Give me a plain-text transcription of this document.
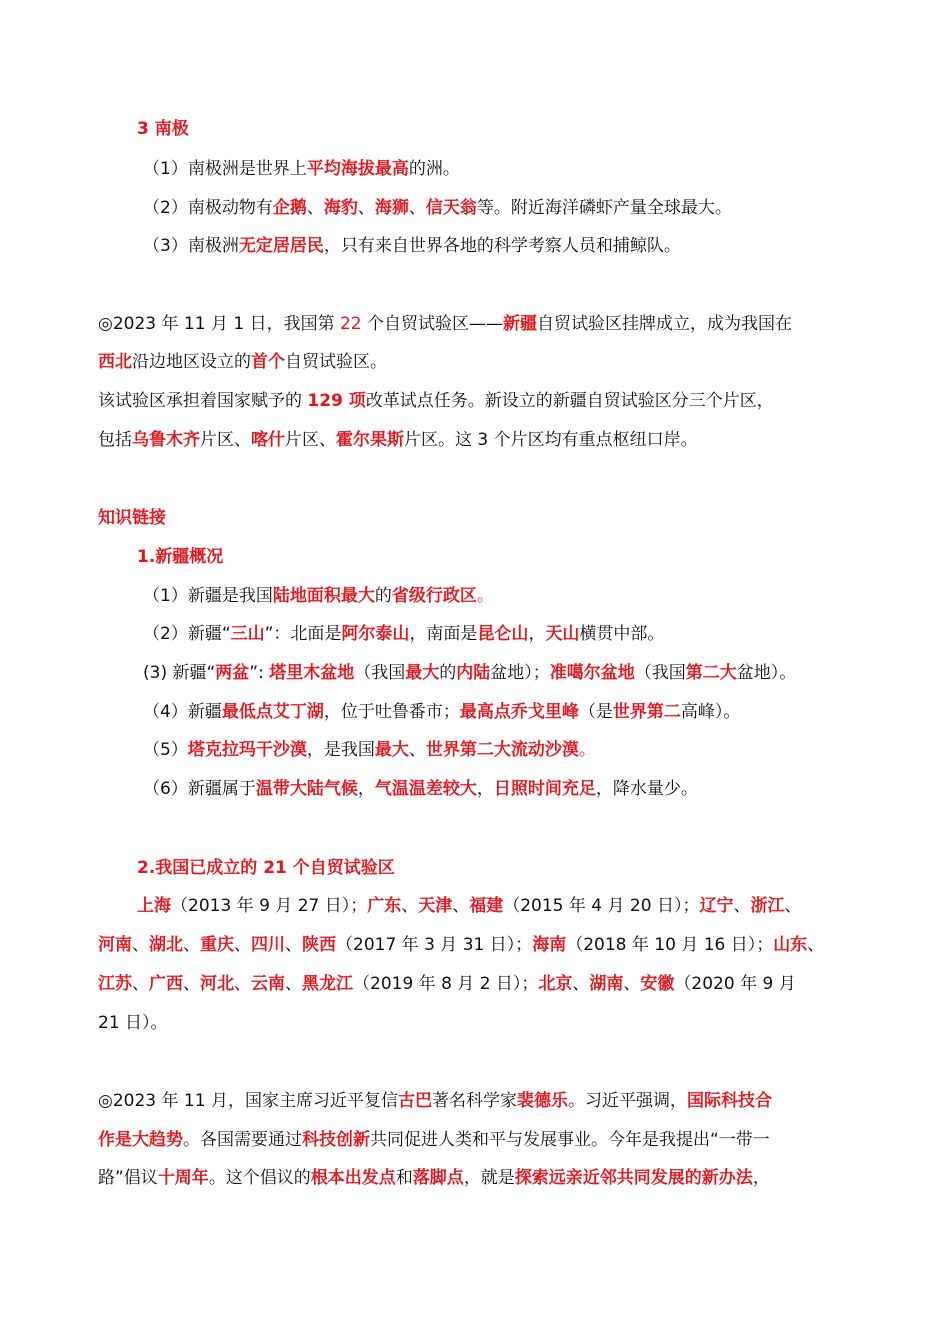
3 南极
（1）南极洲是世界上平均海拔最高的洲。
（2）南极动物有企鹅、海豹、海狮、信天翁等。附近海洋磷虾产量全球最大。
（3）南极洲无定居居民，只有来自世界各地的科学考察人员和捕鲸队。
◎2023 年 11 月 1 日，我国第 22 个自贸试验区——新疆自贸试验区挂牌成立，成为我国在
西北沿边地区设立的首个自贸试验区。
该试验区承担着国家赋予的 129 项改革试点任务。新设立的新疆自贸试验区分三个片区，
包括乌鲁木齐片区、喀什片区、霍尔果斯片区。这 3 个片区均有重点枢纽口岸。
知识链接
1.新疆概况
（1）新疆是我国陆地面积最大的省级行政区。
（2）新疆“三山”：北面是阿尔泰山，南面是昆仑山，天山横贯中部。
(3) 新疆“两盆”: 塔里木盆地（我国最大的内陆盆地）；准噶尔盆地（我国第二大盆地）。
（4）新疆最低点艾丁湖，位于吐鲁番市；最高点乔戈里峰（是世界第二高峰）。
（5）塔克拉玛干沙漠，是我国最大、世界第二大流动沙漠。
（6）新疆属于温带大陆气候，气温温差较大，日照时间充足，降水量少。
2.我国已成立的 21 个自贸试验区
上海（2013 年 9 月 27 日）；广东、天津、福建（2015 年 4 月 20 日）；辽宁、浙江、
河南、湖北、重庆、四川、陕西（2017 年 3 月 31 日）；海南（2018 年 10 月 16 日）；山东、
江苏、广西、河北、云南、黑龙江（2019 年 8 月 2 日）；北京、湖南、安徽（2020 年 9 月
21 日）。
◎2023 年 11 月，国家主席习近平复信古巴著名科学家裴德乐。习近平强调，国际科技合
作是大趋势。各国需要通过科技创新共同促进人类和平与发展事业。今年是我提出“一带一
路”倡议十周年。这个倡议的根本出发点和落脚点，就是探索远亲近邻共同发展的新办法，
